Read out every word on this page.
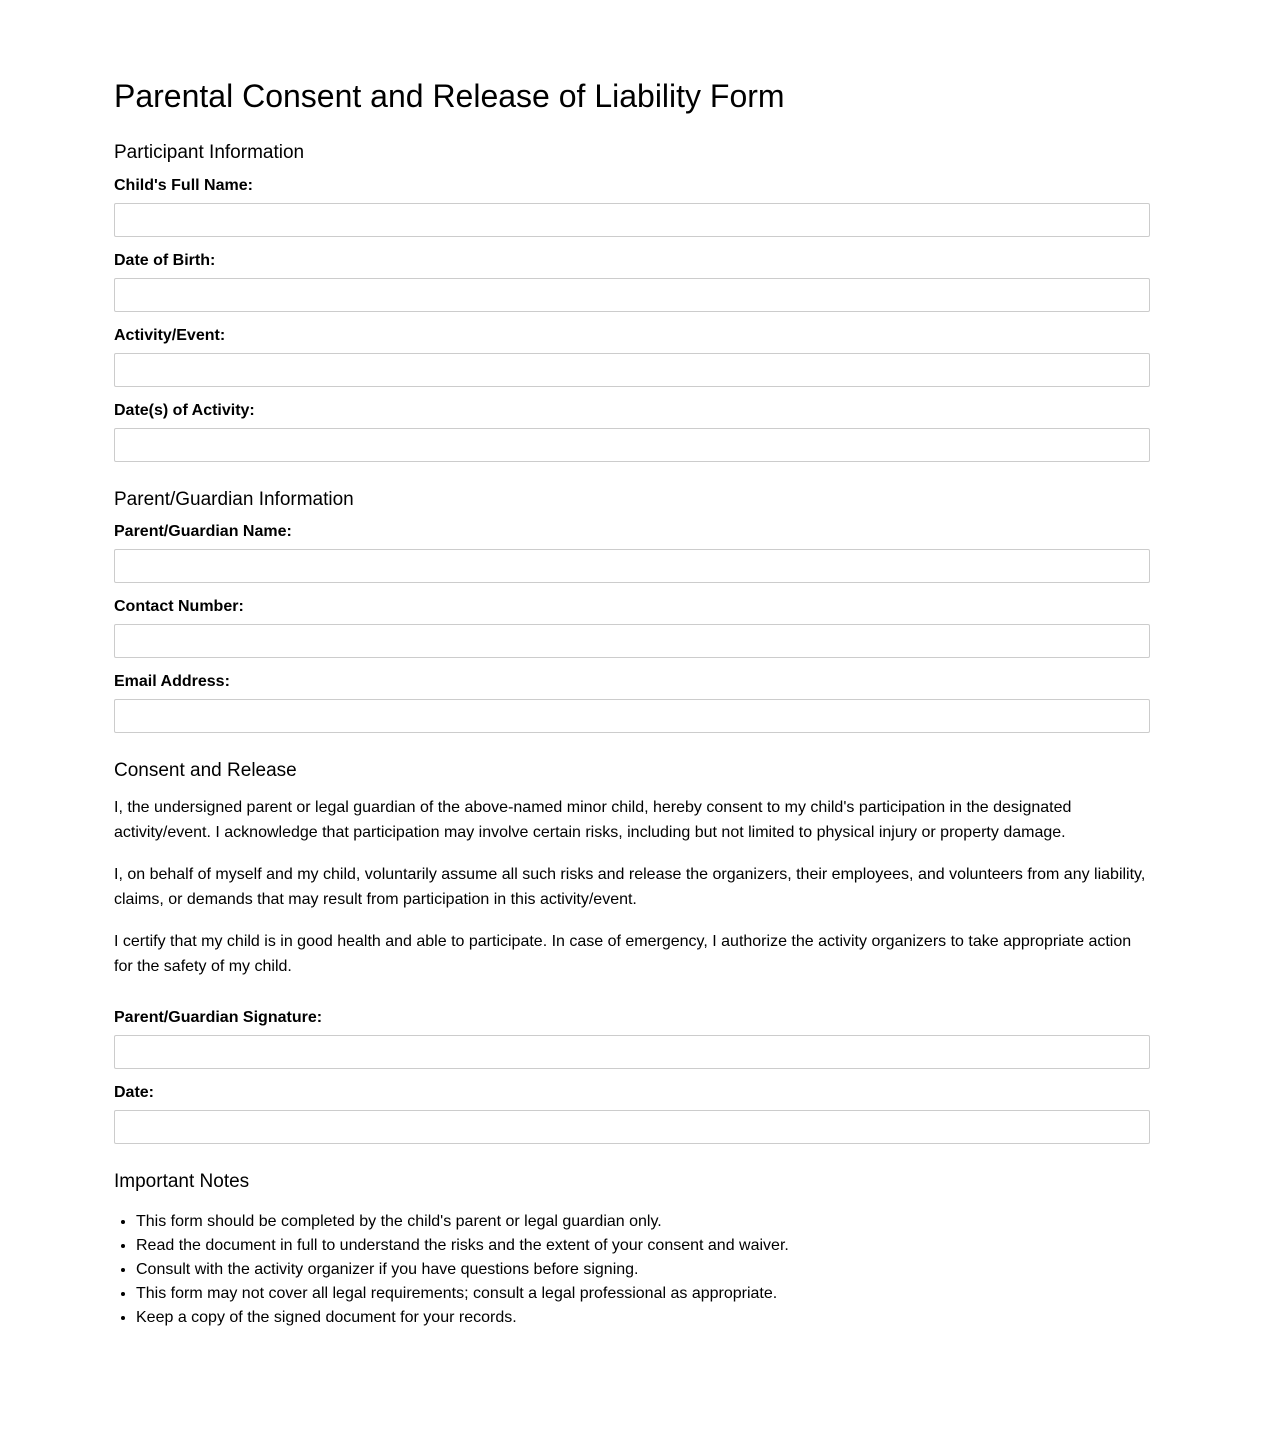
Parental Consent and Release of Liability Form
Participant Information
Child's Full Name:
Date of Birth:
Activity/Event:
Date(s) of Activity:
Parent/Guardian Information
Parent/Guardian Name:
Contact Number:
Email Address:
Consent and Release

I, the undersigned parent or legal guardian of the above-named minor child, hereby consent to my child's participation in the designated activity/event. I acknowledge that participation may involve certain risks, including but not limited to physical injury or property damage.

I, on behalf of myself and my child, voluntarily assume all such risks and release the organizers, their employees, and volunteers from any liability, claims, or demands that may result from participation in this activity/event.

I certify that my child is in good health and able to participate. In case of emergency, I authorize the activity organizers to take appropriate action for the safety of my child.

Parent/Guardian Signature:
Date:
Important Notes
• This form should be completed by the child's parent or legal guardian only.
• Read the document in full to understand the risks and the extent of your consent and waiver.
• Consult with the activity organizer if you have questions before signing.
• This form may not cover all legal requirements; consult a legal professional as appropriate.
• Keep a copy of the signed document for your records.
